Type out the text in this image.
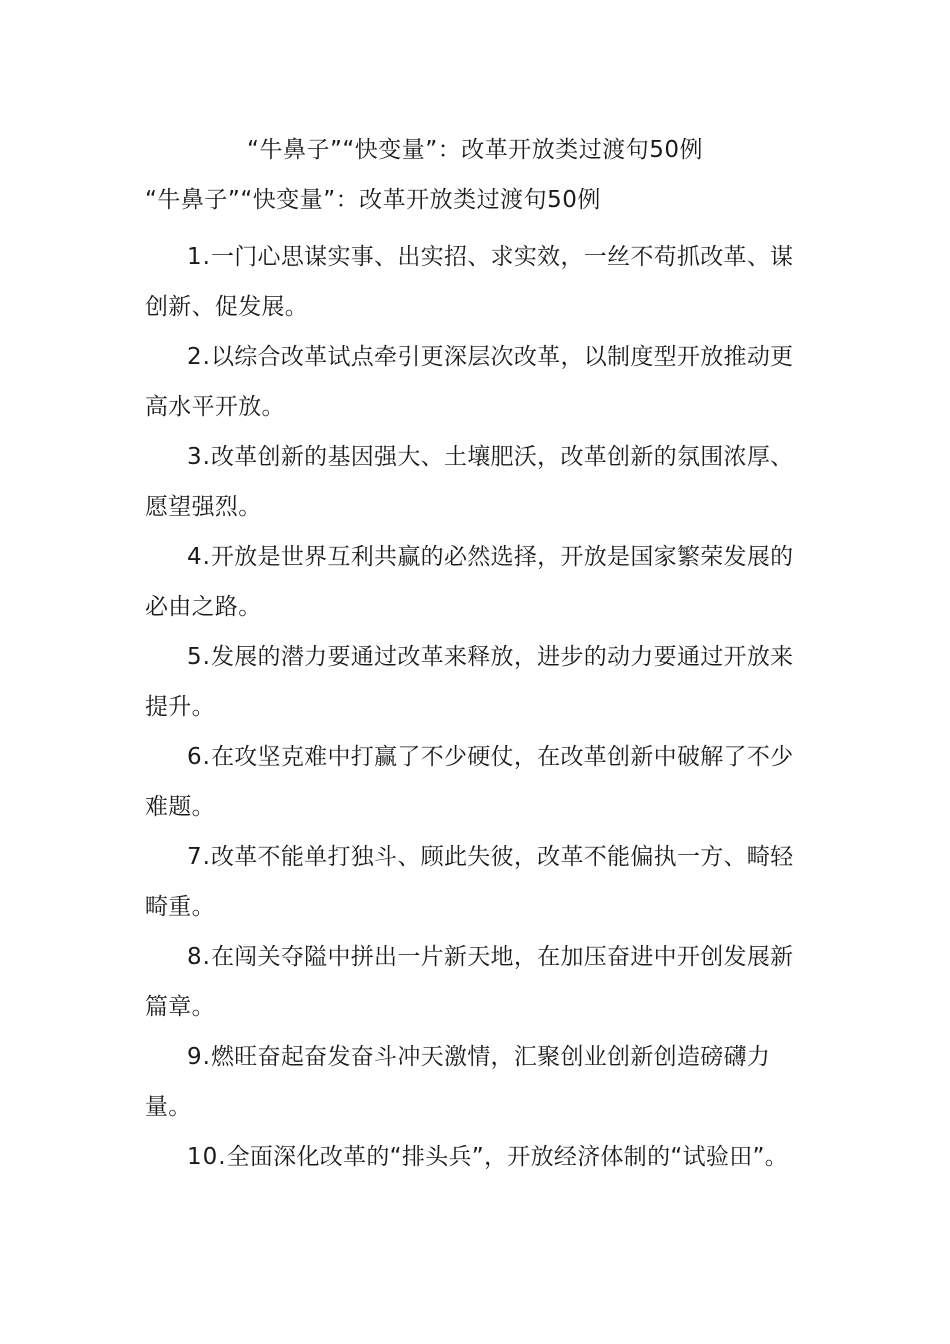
“牛鼻子”“快变量”：改革开放类过渡句50例
“牛鼻子”“快变量”：改革开放类过渡句50例

1.一门心思谋实事、出实招、求实效，一丝不苟抓改革、谋创新、促发展。

2.以综合改革试点牵引更深层次改革，以制度型开放推动更高水平开放。

3.改革创新的基因强大、土壤肥沃，改革创新的氛围浓厚、愿望强烈。

4.开放是世界互利共赢的必然选择，开放是国家繁荣发展的必由之路。

5.发展的潜力要通过改革来释放，进步的动力要通过开放来提升。

6.在攻坚克难中打赢了不少硬仗，在改革创新中破解了不少难题。

7.改革不能单打独斗、顾此失彼，改革不能偏执一方、畸轻畸重。

8.在闯关夺隘中拼出一片新天地，在加压奋进中开创发展新篇章。

9.燃旺奋起奋发奋斗冲天激情，汇聚创业创新创造磅礴力量。

10.全面深化改革的“排头兵”，开放经济体制的“试验田”。
